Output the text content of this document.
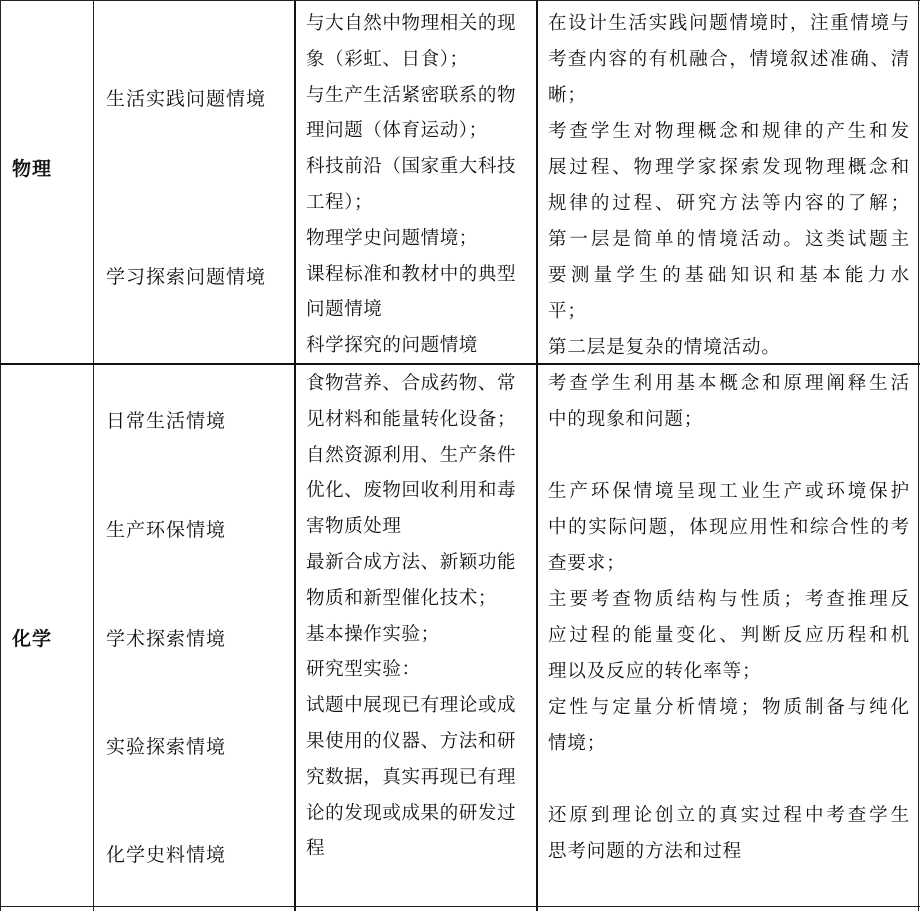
物理
生活实践问题情境
学习探索问题情境
与大自然中物理相关的现
象（彩虹、日食）；
与生产生活紧密联系的物
理问题（体育运动）；
科技前沿（国家重大科技
工程）；
物理学史问题情境；
课程标准和教材中的典型
问题情境
科学探究的问题情境
在设计生活实践问题情境时，注重情境与
考查内容的有机融合，情境叙述准确、清
晰；
考查学生对物理概念和规律的产生和发
展过程、物理学家探索发现物理概念和
规律的过程、研究方法等内容的了解；
第一层是简单的情境活动。这类试题主
要测量学生的基础知识和基本能力水
平；
第二层是复杂的情境活动。
化学
日常生活情境
生产环保情境
学术探索情境
实验探索情境
化学史料情境
食物营养、合成药物、常
见材料和能量转化设备；
自然资源利用、生产条件
优化、废物回收利用和毒
害物质处理
最新合成方法、新颖功能
物质和新型催化技术；
基本操作实验；
研究型实验：
试题中展现已有理论或成
果使用的仪器、方法和研
究数据，真实再现已有理
论的发现或成果的研发过
程
考查学生利用基本概念和原理阐释生活
中的现象和问题；
生产环保情境呈现工业生产或环境保护
中的实际问题，体现应用性和综合性的考
查要求；
主要考查物质结构与性质；考查推理反
应过程的能量变化、判断反应历程和机
理以及反应的转化率等；
定性与定量分析情境；物质制备与纯化
情境；
还原到理论创立的真实过程中考查学生
思考问题的方法和过程
